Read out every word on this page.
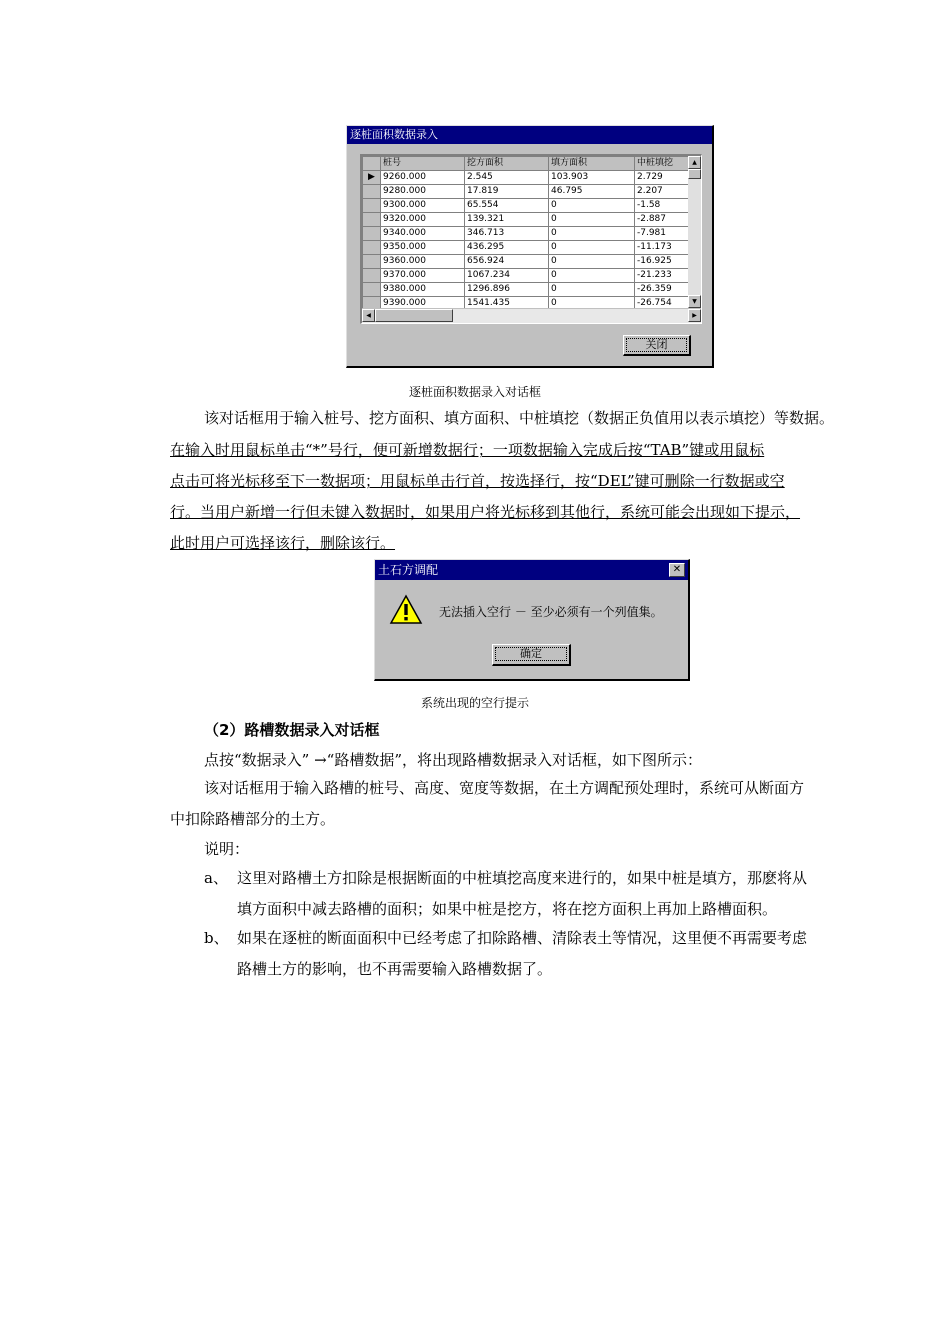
逐桩面积数据录入
	桩号	挖方面积	填方面积	中桩填挖
▶	9260.000	2.545	103.903	2.729
	9280.000	17.819	46.795	2.207
	9300.000	65.554	0	-1.58
	9320.000	139.321	0	-2.887
	9340.000	346.713	0	-7.981
	9350.000	436.295	0	-11.173
	9360.000	656.924	0	-16.925
	9370.000	1067.234	0	-21.233
	9380.000	1296.896	0	-26.359
	9390.000	1541.435	0	-26.754
▲
▼
◀	▶
关闭
逐桩面积数据录入对话框
该对话框用于输入桩号、挖方面积、填方面积、中桩填挖（数据正负值用以表示填挖）等数据。
在输入时用鼠标单击“*”号行，便可新增数据行；一项数据输入完成后按“TAB”键或用鼠标
点击可将光标移至下一数据项；用鼠标单击行首，按选择行，按“DEL”键可删除一行数据或空
行。当用户新增一行但未键入数据时，如果用户将光标移到其他行，系统可能会出现如下提示，
此时用户可选择该行，删除该行。
土石方调配	✕
无法插入空行 － 至少必须有一个列值集。
确定
系统出现的空行提示
（2）路槽数据录入对话框
点按“数据录入” →“路槽数据”，将出现路槽数据录入对话框，如下图所示：
该对话框用于输入路槽的桩号、高度、宽度等数据，在土方调配预处理时，系统可从断面方
中扣除路槽部分的土方。
说明：
a、 这里对路槽土方扣除是根据断面的中桩填挖高度来进行的，如果中桩是填方，那麽将从
填方面积中减去路槽的面积；如果中桩是挖方，将在挖方面积上再加上路槽面积。
b、 如果在逐桩的断面面积中已经考虑了扣除路槽、清除表土等情况，这里便不再需要考虑
路槽土方的影响，也不再需要输入路槽数据了。
